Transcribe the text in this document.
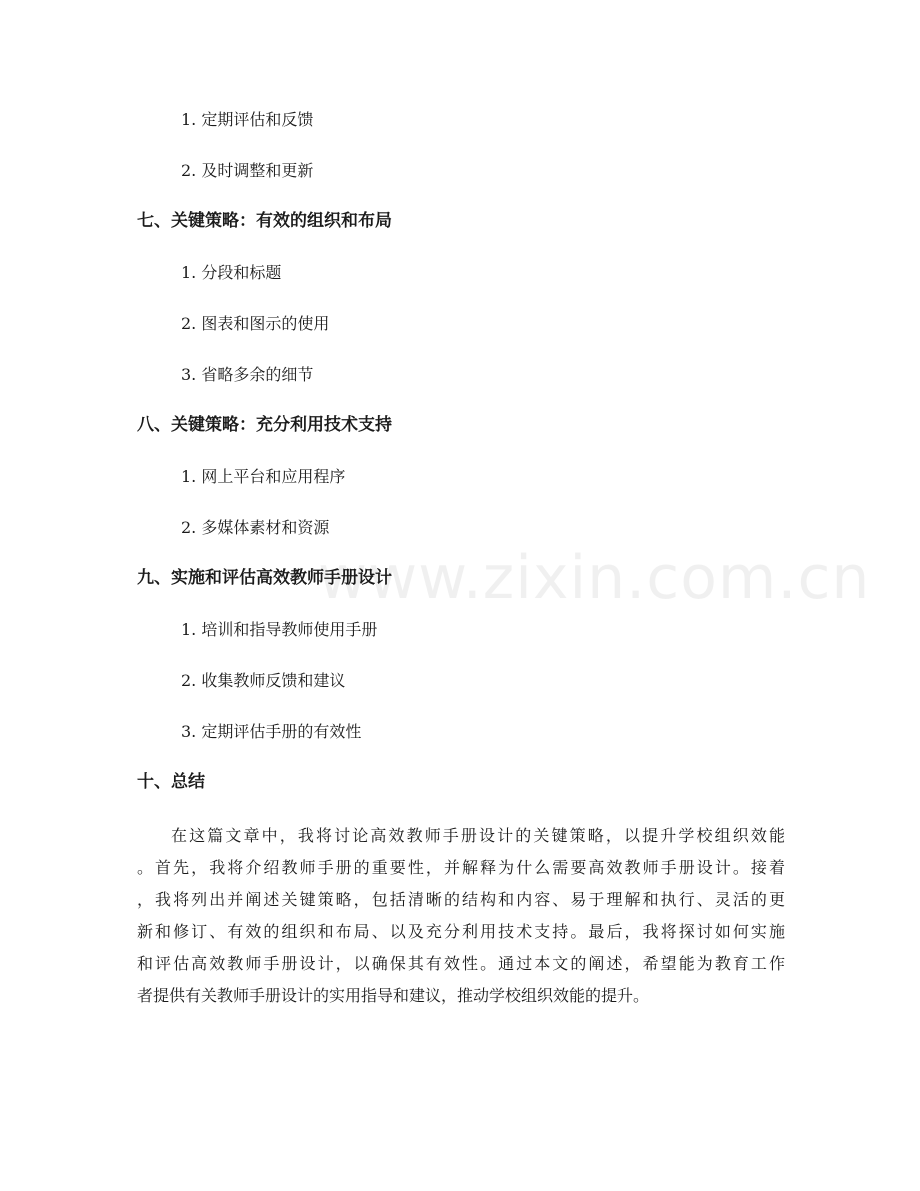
www.zixin.com.cn
1. 定期评估和反馈
2. 及时调整和更新
七、关键策略：有效的组织和布局
1. 分段和标题
2. 图表和图示的使用
3. 省略多余的细节
八、关键策略：充分利用技术支持
1. 网上平台和应用程序
2. 多媒体素材和资源
九、实施和评估高效教师手册设计
1. 培训和指导教师使用手册
2. 收集教师反馈和建议
3. 定期评估手册的有效性
十、总结
在这篇文章中，我将讨论高效教师手册设计的关键策略，以提升学校组织效能
。首先，我将介绍教师手册的重要性，并解释为什么需要高效教师手册设计。接着
，我将列出并阐述关键策略，包括清晰的结构和内容、易于理解和执行、灵活的更
新和修订、有效的组织和布局、以及充分利用技术支持。最后，我将探讨如何实施
和评估高效教师手册设计，以确保其有效性。通过本文的阐述，希望能为教育工作
者提供有关教师手册设计的实用指导和建议，推动学校组织效能的提升。
